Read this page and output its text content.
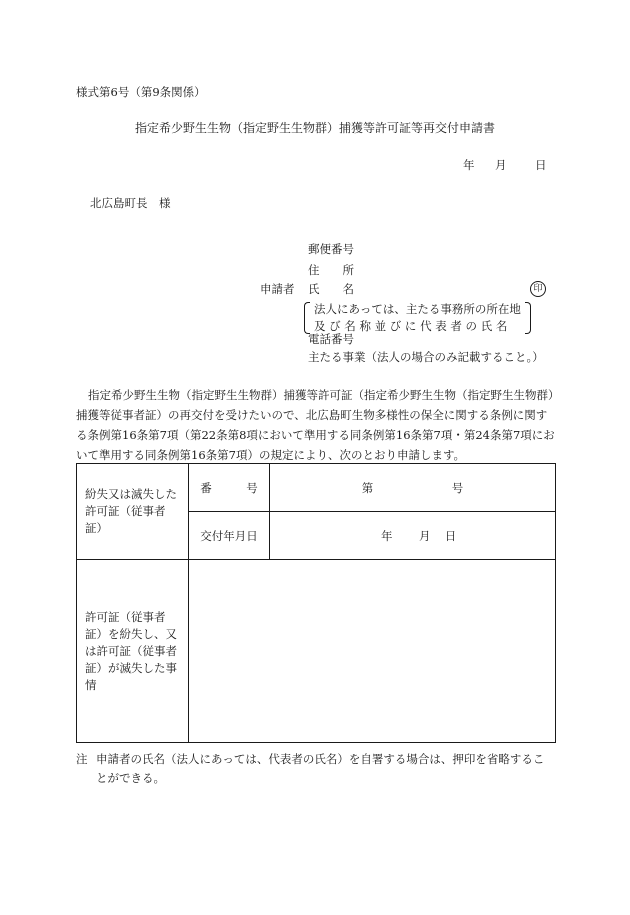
様式第6号（第9条関係）
指定希少野生生物（指定野生生物群）捕獲等許可証等再交付申請書
年 月 日
北広島町長　様
郵便番号
住　　所
申請者 氏　　名	印
法人にあっては、主たる事務所の所在地
及 び 名 称 並 び に 代 表 者 の 氏 名
電話番号
主たる事業（法人の場合のみ記載すること。）
指定希少野生生物（指定野生生物群）捕獲等許可証（指定希少野生生物（指定野生生物群）捕獲等従事者証）の再交付を受けたいので、北広島町生物多様性の保全に関する条例に関する条例第16条第7項（第22条第8項において準用する同条例第16条第7項・第24条第7項において準用する同条例第16条第7項）の規定により、次のとおり申請します。
紛失又は滅失した許可証（従事者証）	番　　　号	第 号
	交付年月日	年 月 日
許可証（従事者証）を紛失し、又は許可証（従事者証）が滅失した事情		
注 申請者の氏名（法人にあっては、代表者の氏名）を自署する場合は、押印を省略するこ
とができる。
